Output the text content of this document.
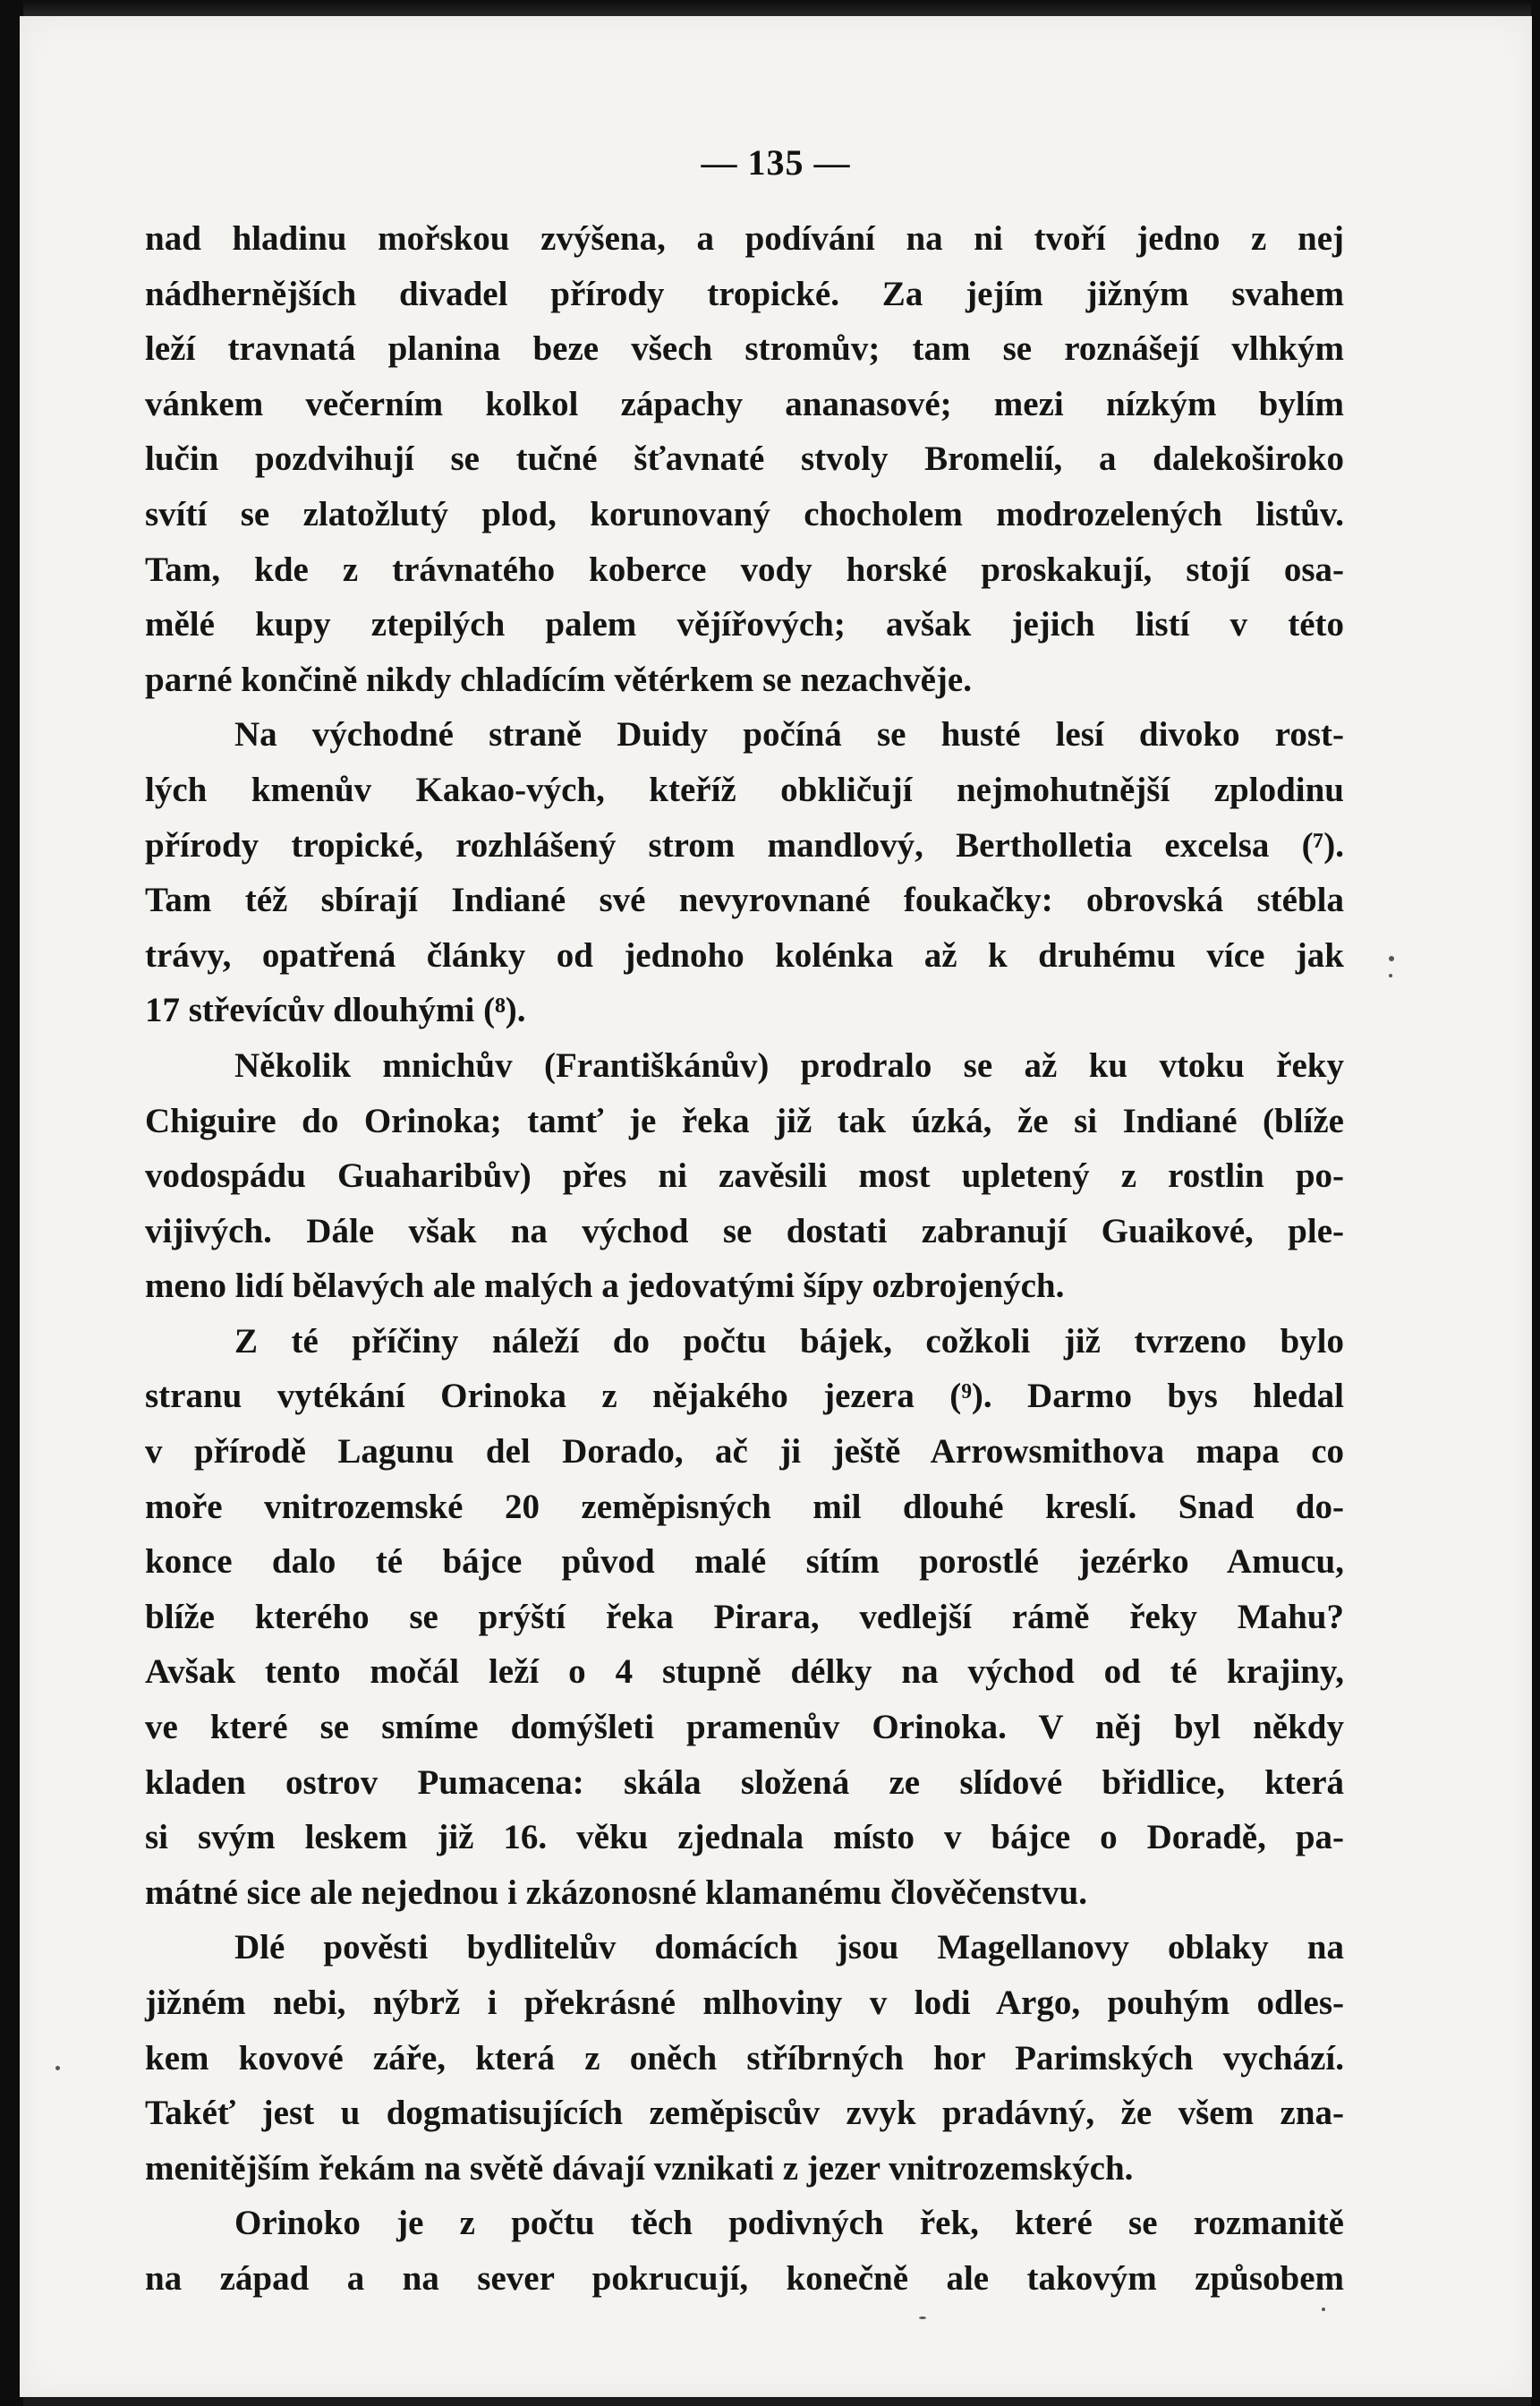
— 135 —
nad hladinu mořskou zvýšena, a podívání na ni tvoří jedno z nej
nádhernějších divadel přírody tropické. Za jejím jižným svahem
leží travnatá planina beze všech stromův; tam se roznášejí vlhkým
vánkem večerním kolkol zápachy ananasové; mezi nízkým bylím
lučin pozdvihují se tučné šťavnaté stvoly Bromelií, a dalekoširoko
svítí se zlatožlutý plod, korunovaný chocholem modrozelených listův.
Tam, kde z trávnatého koberce vody horské proskakují, stojí osa-
mělé kupy ztepilých palem vějířových; avšak jejich listí v této
parné končině nikdy chladícím větérkem se nezachvěje.
Na východné straně Duidy počíná se husté lesí divoko rost-
lých kmenův Kakao-vých, kteříž obkličují nejmohutnější zplodinu
přírody tropické, rozhlášený strom mandlový, Bertholletia excelsa (⁷).
Tam též sbírají Indiané své nevyrovnané foukačky: obrovská stébla
trávy, opatřená články od jednoho kolénka až k druhému více jak
17 střevícův dlouhými (⁸).
Několik mnichův (Františkánův) prodralo se až ku vtoku řeky
Chiguire do Orinoka; tamť je řeka již tak úzká, že si Indiané (blíže
vodospádu Guaharibův) přes ni zavěsili most upletený z rostlin po-
vijivých. Dále však na východ se dostati zabranují Guaikové, ple-
meno lidí bělavých ale malých a jedovatými šípy ozbrojených.
Z té příčiny náleží do počtu bájek, cožkoli již tvrzeno bylo
stranu vytékání Orinoka z nějakého jezera (⁹). Darmo bys hledal
v přírodě Lagunu del Dorado, ač ji ještě Arrowsmithova mapa co
moře vnitrozemské 20 zeměpisných mil dlouhé kreslí. Snad do-
konce dalo té bájce původ malé sítím porostlé jezérko Amucu,
blíže kterého se prýští řeka Pirara, vedlejší rámě řeky Mahu?
Avšak tento močál leží o 4 stupně délky na východ od té krajiny,
ve které se smíme domýšleti pramenův Orinoka. V něj byl někdy
kladen ostrov Pumacena: skála složená ze slídové břidlice, která
si svým leskem již 16. věku zjednala místo v bájce o Doradě, pa-
mátné sice ale nejednou i zkázonosné klamanému člověčenstvu.
Dlé pověsti bydlitelův domácích jsou Magellanovy oblaky na
jižném nebi, nýbrž i překrásné mlhoviny v lodi Argo, pouhým odles-
kem kovové záře, která z oněch stříbrných hor Parimských vychází.
Takéť jest u dogmatisujících zeměpiscův zvyk pradávný, že všem zna-
menitějším řekám na světě dávají vznikati z jezer vnitrozemských.
Orinoko je z počtu těch podivných řek, které se rozmanitě
na západ a na sever pokrucují, konečně ale takovým způsobem
